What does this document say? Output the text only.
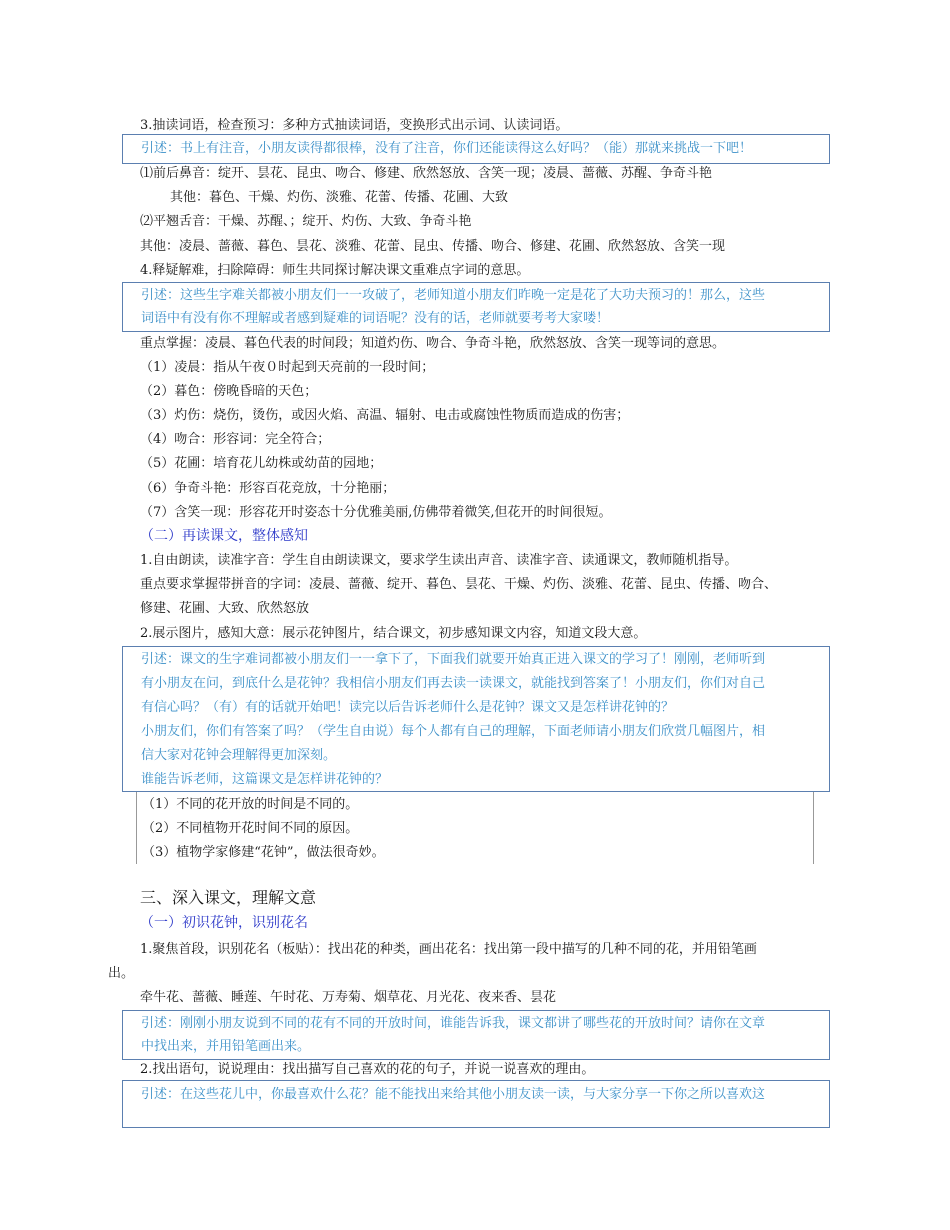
3.抽读词语，检查预习：多种方式抽读词语，变换形式出示词、认读词语。
引述：书上有注音，小朋友读得都很棒，没有了注音，你们还能读得这么好吗？（能）那就来挑战一下吧！
⑴前后鼻音：绽开、昙花、昆虫、吻合、修建、欣然怒放、含笑一现；凌晨、蔷薇、苏醒、争奇斗艳
其他：暮色、干燥、灼伤、淡雅、花蕾、传播、花圃、大致
⑵平翘舌音：干燥、苏醒、；绽开、灼伤、大致、争奇斗艳
其他：凌晨、蔷薇、暮色、昙花、淡雅、花蕾、昆虫、传播、吻合、修建、花圃、欣然怒放、含笑一现
4.释疑解难，扫除障碍：师生共同探讨解决课文重难点字词的意思。
引述：这些生字难关都被小朋友们一一攻破了，老师知道小朋友们昨晚一定是花了大功夫预习的！那么，这些
词语中有没有你不理解或者感到疑难的词语呢？没有的话，老师就要考考大家喽！
重点掌握：凌晨、暮色代表的时间段；知道灼伤、吻合、争奇斗艳，欣然怒放、含笑一现等词的意思。
（1）凌晨：指从午夜０时起到天亮前的一段时间；
（2）暮色：傍晚昏暗的天色；
（3）灼伤：烧伤，烫伤，或因火焰、高温、辐射、电击或腐蚀性物质而造成的伤害；
（4）吻合：形容词：完全符合；
（5）花圃：培育花儿幼株或幼苗的园地；
（6）争奇斗艳：形容百花竞放，十分艳丽；
（7）含笑一现：形容花开时姿态十分优雅美丽,仿佛带着微笑,但花开的时间很短。
（二）再读课文，整体感知
1.自由朗读，读准字音：学生自由朗读课文，要求学生读出声音、读准字音、读通课文，教师随机指导。
重点要求掌握带拼音的字词：凌晨、蔷薇、绽开、暮色、昙花、干燥、灼伤、淡雅、花蕾、昆虫、传播、吻合、
修建、花圃、大致、欣然怒放
2.展示图片，感知大意：展示花钟图片，结合课文，初步感知课文内容，知道文段大意。
引述：课文的生字难词都被小朋友们一一拿下了，下面我们就要开始真正进入课文的学习了！刚刚，老师听到
有小朋友在问，到底什么是花钟？我相信小朋友们再去读一读课文，就能找到答案了！小朋友们，你们对自己
有信心吗？（有）有的话就开始吧！读完以后告诉老师什么是花钟？课文又是怎样讲花钟的？
小朋友们，你们有答案了吗？（学生自由说）每个人都有自己的理解，下面老师请小朋友们欣赏几幅图片，相
信大家对花钟会理解得更加深刻。
谁能告诉老师，这篇课文是怎样讲花钟的？
（1）不同的花开放的时间是不同的。
（2）不同植物开花时间不同的原因。
（3）植物学家修建“花钟”，做法很奇妙。
三、深入课文，理解文意
（一）初识花钟，识别花名
1.聚焦首段，识别花名（板贴）：找出花的种类，画出花名：找出第一段中描写的几种不同的花，并用铅笔画
出。
牵牛花、蔷薇、睡莲、午时花、万寿菊、烟草花、月光花、夜来香、昙花
引述：刚刚小朋友说到不同的花有不同的开放时间，谁能告诉我，课文都讲了哪些花的开放时间？请你在文章
中找出来，并用铅笔画出来。
2.找出语句，说说理由：找出描写自己喜欢的花的句子，并说一说喜欢的理由。
引述：在这些花儿中，你最喜欢什么花？能不能找出来给其他小朋友读一读，与大家分享一下你之所以喜欢这
